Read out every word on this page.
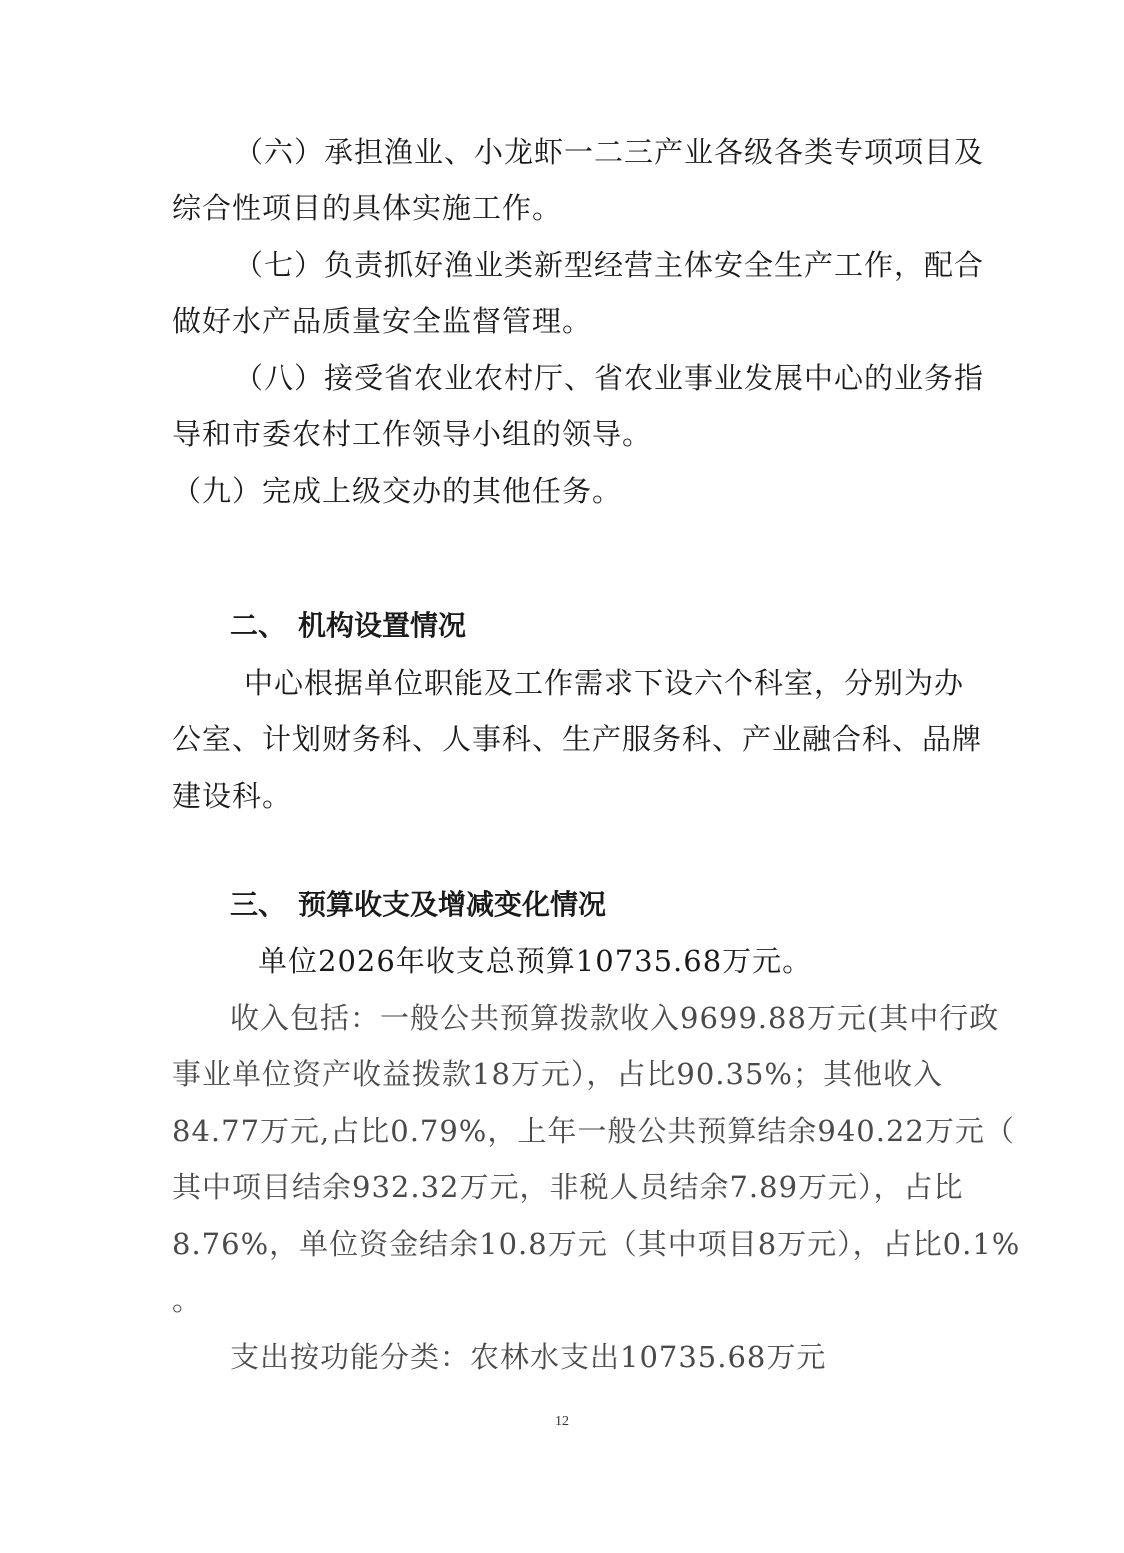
（六）承担渔业、小龙虾一二三产业各级各类专项项目及
综合性项目的具体实施工作。
（七）负责抓好渔业类新型经营主体安全生产工作，配合
做好水产品质量安全监督管理。
（八）接受省农业农村厅、省农业事业发展中心的业务指
导和市委农村工作领导小组的领导。
（九）完成上级交办的其他任务。
二、 机构设置情况
中心根据单位职能及工作需求下设六个科室，分别为办
公室、计划财务科、人事科、生产服务科、产业融合科、品牌
建设科。
三、 预算收支及增减变化情况
单位2026年收支总预算10735.68万元。
收入包括：一般公共预算拨款收入9699.88万元(其中行政
事业单位资产收益拨款18万元），占比90.35%；其他收入
84.77万元,占比0.79%，上年一般公共预算结余940.22万元（
其中项目结余932.32万元，非税人员结余7.89万元），占比
8.76%，单位资金结余10.8万元（其中项目8万元），占比0.1%
。
支出按功能分类：农林水支出10735.68万元
12
